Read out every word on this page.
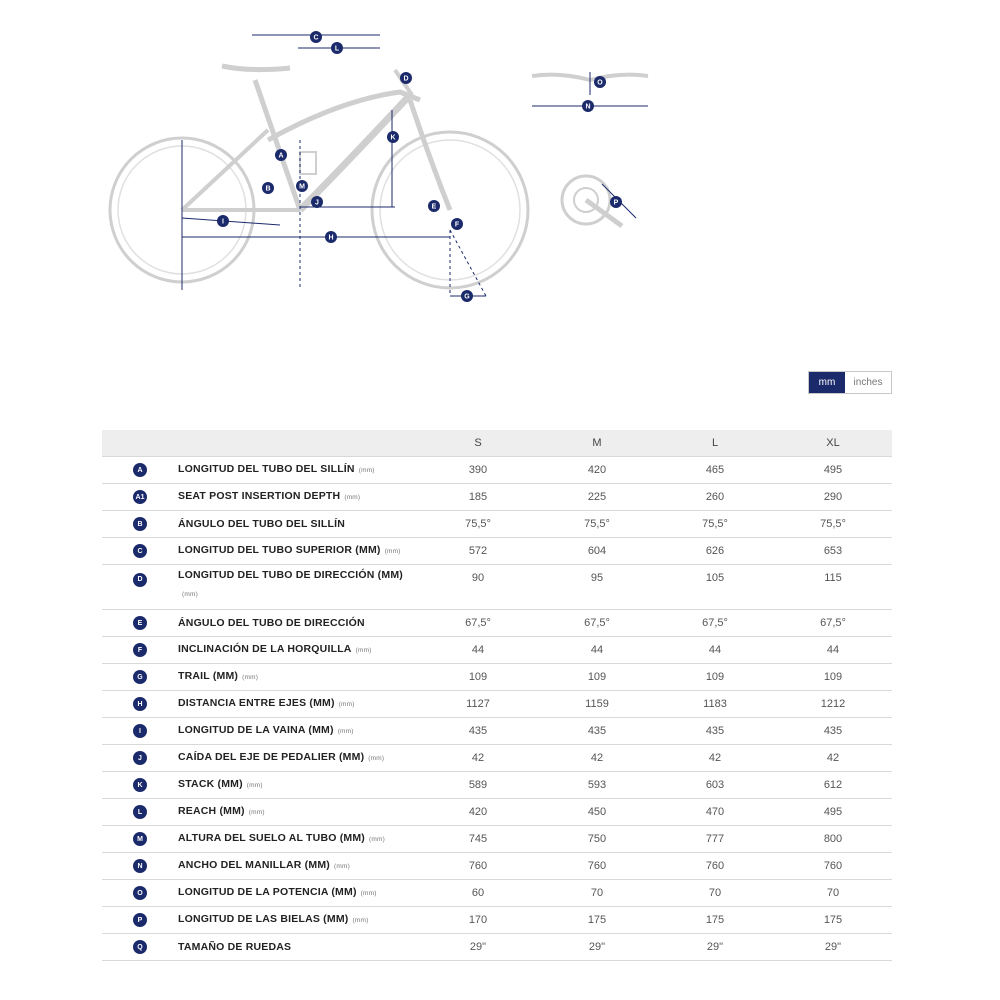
A
B
C
D
E
F
G
H
I
J
K
L
M
N
O
P
mm	inches
		S	M	L	XL
A	LONGITUD DEL TUBO DEL SILLÍN (mm)	390	420	465	495
A1	SEAT POST INSERTION DEPTH (mm)	185	225	260	290
B	ÁNGULO DEL TUBO DEL SILLÍN	75,5°	75,5°	75,5°	75,5°
C	LONGITUD DEL TUBO SUPERIOR (MM) (mm)	572	604	626	653
D	LONGITUD DEL TUBO DE DIRECCIÓN (MM)(mm)	90	95	105	115
E	ÁNGULO DEL TUBO DE DIRECCIÓN	67,5°	67,5°	67,5°	67,5°
F	INCLINACIÓN DE LA HORQUILLA (mm)	44	44	44	44
G	TRAIL (MM) (mm)	109	109	109	109
H	DISTANCIA ENTRE EJES (MM) (mm)	1127	1159	1183	1212
I	LONGITUD DE LA VAINA (MM) (mm)	435	435	435	435
J	CAÍDA DEL EJE DE PEDALIER (MM) (mm)	42	42	42	42
K	STACK (MM) (mm)	589	593	603	612
L	REACH (MM) (mm)	420	450	470	495
M	ALTURA DEL SUELO AL TUBO (MM) (mm)	745	750	777	800
N	ANCHO DEL MANILLAR (MM) (mm)	760	760	760	760
O	LONGITUD DE LA POTENCIA (MM) (mm)	60	70	70	70
P	LONGITUD DE LAS BIELAS (MM) (mm)	170	175	175	175
Q	TAMAÑO DE RUEDAS	29"	29"	29"	29"
